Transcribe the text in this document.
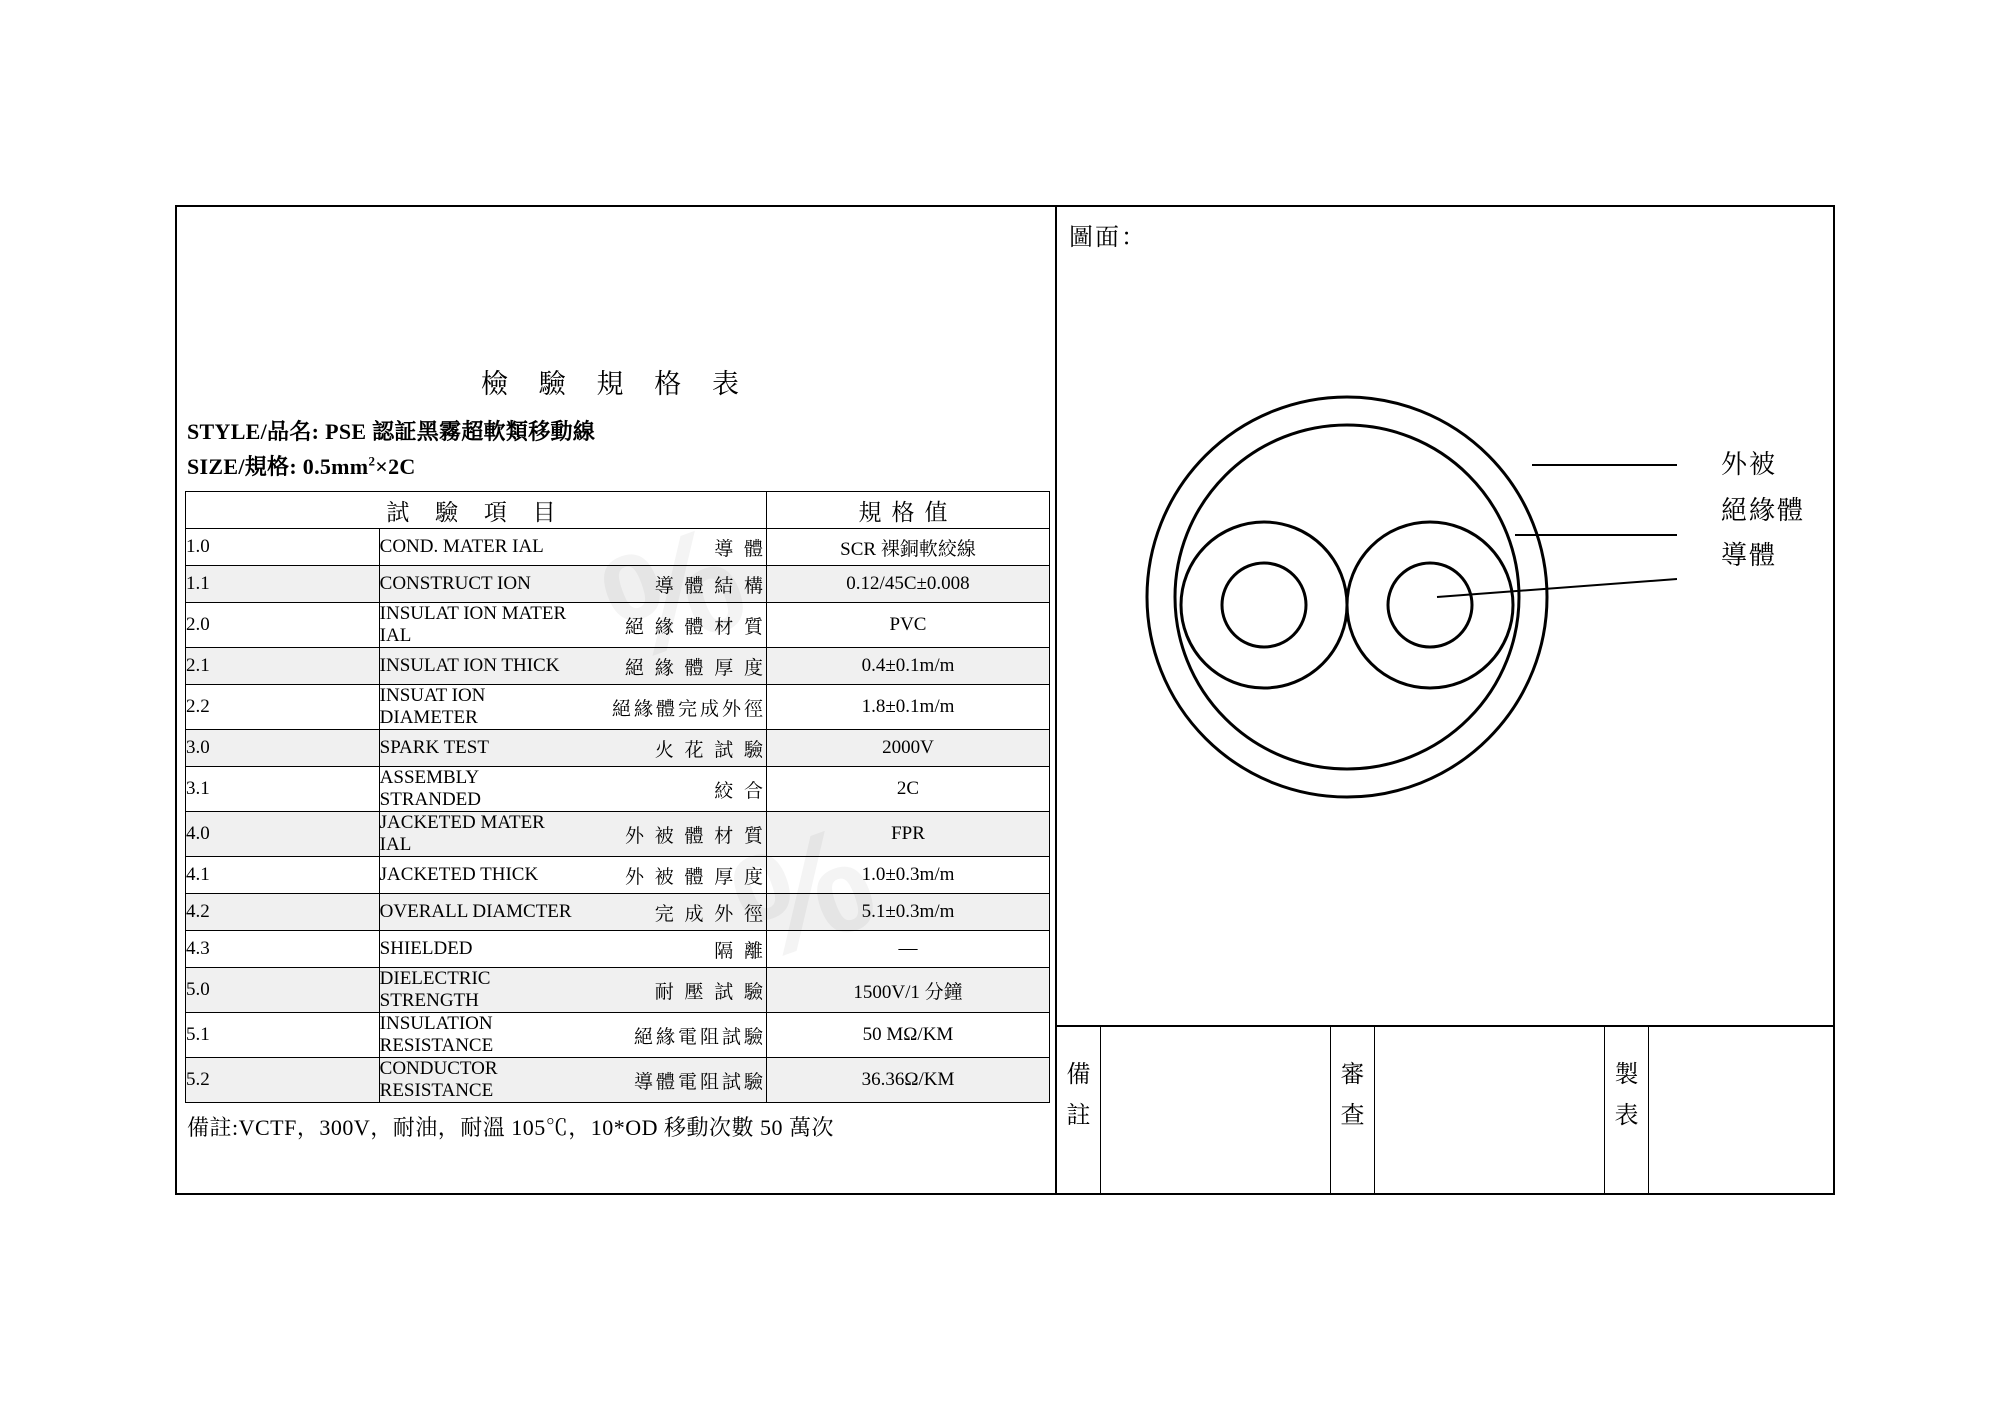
檢 驗 規 格 表
STYLE/品名: PSE 認証黑霧超軟類移動線
SIZE/規格: $0.5mm^2\times 2C$
試 驗 項 目			規格值
1.0	COND. MATER IAL	導 體	SCR 裸銅軟絞線
1.1	CONSTRUCT ION	導 體 結 構	0.12/45C±0.008
2.0	INSULAT ION MATER IAL	絕 緣 體 材 質	PVC
2.1	INSULAT ION THICK	絕 緣 體 厚 度	0.4±0.1m/m
2.2	INSUAT ION DIAMETER	絕緣體完成外徑	1.8±0.1m/m
3.0	SPARK TEST	火 花 試 驗	2000V
3.1	ASSEMBLY STRANDED	絞 合	2C
4.0	JACKETED MATER IAL	外 被 體 材 質	FPR
4.1	JACKETED THICK	外 被 體 厚 度	1.0±0.3m/m
4.2	OVERALL DIAMCTER	完 成 外 徑	5.1±0.3m/m
4.3	SHIELDED	隔 離	—
5.0	DIELECTRIC STRENGTH	耐 壓 試 驗	1500V/1 分鐘
5.1	INSULATION RESISTANCE	絕緣電阻試驗	50 MΩ/KM
5.2	CONDUCTOR RESISTANCE	導體電阻試驗	36.36Ω/KM
備註:VCTF，300V，耐油，耐溫 105℃，10*OD 移動次數 50 萬次
圖面：
外被
絕緣體
導體
備註
審查
製表
